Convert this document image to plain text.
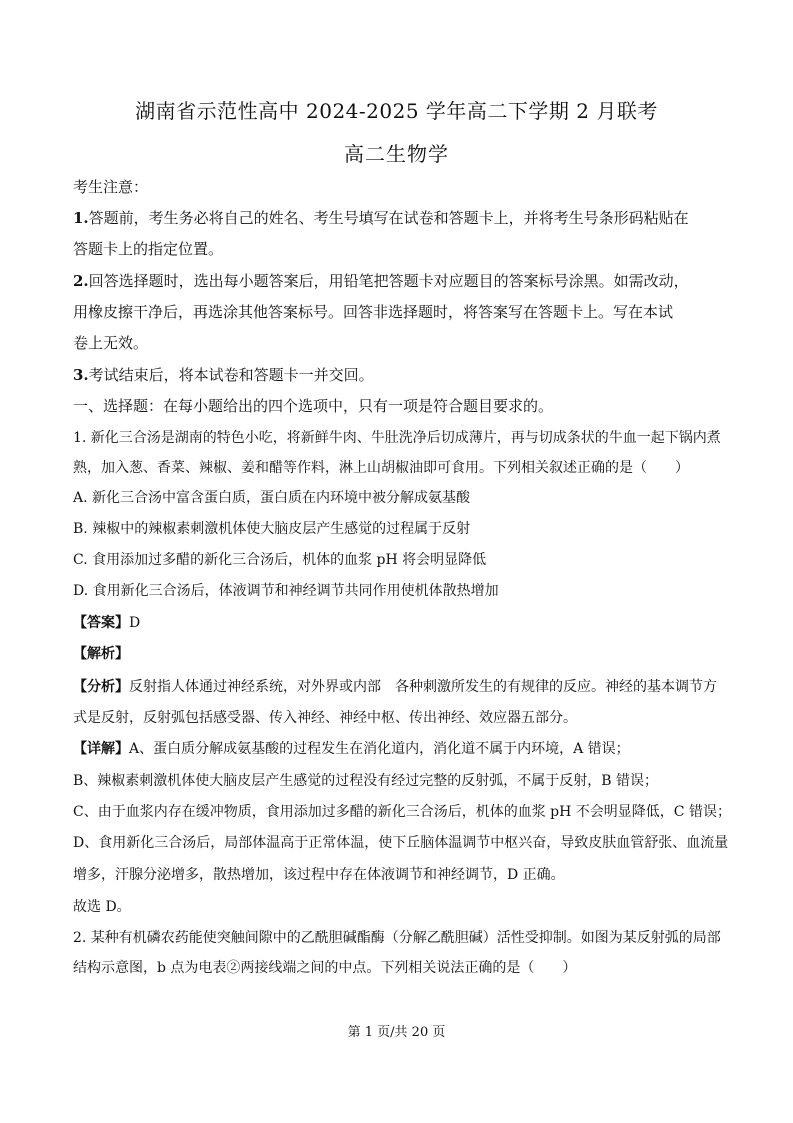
湖南省示范性高中 2024-2025 学年高二下学期 2 月联考
高二生物学
考生注意：
1.答题前，考生务必将自己的姓名、考生号填写在试卷和答题卡上，并将考生号条形码粘贴在
答题卡上的指定位置。
2.回答选择题时，选出每小题答案后，用铅笔把答题卡对应题目的答案标号涂黑。如需改动，
用橡皮擦干净后，再选涂其他答案标号。回答非选择题时，将答案写在答题卡上。写在本试
卷上无效。
3.考试结束后，将本试卷和答题卡一并交回。
一、选择题：在每小题给出的四个选项中，只有一项是符合题目要求的。
1. 新化三合汤是湖南的特色小吃，将新鲜牛肉、牛肚洗净后切成薄片，再与切成条状的牛血一起下锅内煮
熟，加入葱、香菜、辣椒、姜和醋等作料，淋上山胡椒油即可食用。下列相关叙述正确的是（　　）
A. 新化三合汤中富含蛋白质，蛋白质在内环境中被分解成氨基酸
B. 辣椒中的辣椒素刺激机体使大脑皮层产生感觉的过程属于反射
C. 食用添加过多醋的新化三合汤后，机体的血浆 pH 将会明显降低
D. 食用新化三合汤后，体液调节和神经调节共同作用使机体散热增加
【答案】D
【解析】
【分析】反射指人体通过神经系统，对外界或内部　各种刺激所发生的有规律的反应。神经的基本调节方
式是反射，反射弧包括感受器、传入神经、神经中枢、传出神经、效应器五部分。
【详解】A、蛋白质分解成氨基酸的过程发生在消化道内，消化道不属于内环境，A 错误；
B、辣椒素刺激机体使大脑皮层产生感觉的过程没有经过完整的反射弧，不属于反射，B 错误；
C、由于血浆内存在缓冲物质，食用添加过多醋的新化三合汤后，机体的血浆 pH 不会明显降低，C 错误；
D、食用新化三合汤后，局部体温高于正常体温，使下丘脑体温调节中枢兴奋，导致皮肤血管舒张、血流量
增多，汗腺分泌增多，散热增加，该过程中存在体液调节和神经调节，D 正确。
故选 D。
2. 某种有机磷农药能使突触间隙中的乙酰胆碱酯酶（分解乙酰胆碱）活性受抑制。如图为某反射弧的局部
结构示意图，b 点为电表②两接线端之间的中点。下列相关说法正确的是（　　）
第 1 页/共 20 页
